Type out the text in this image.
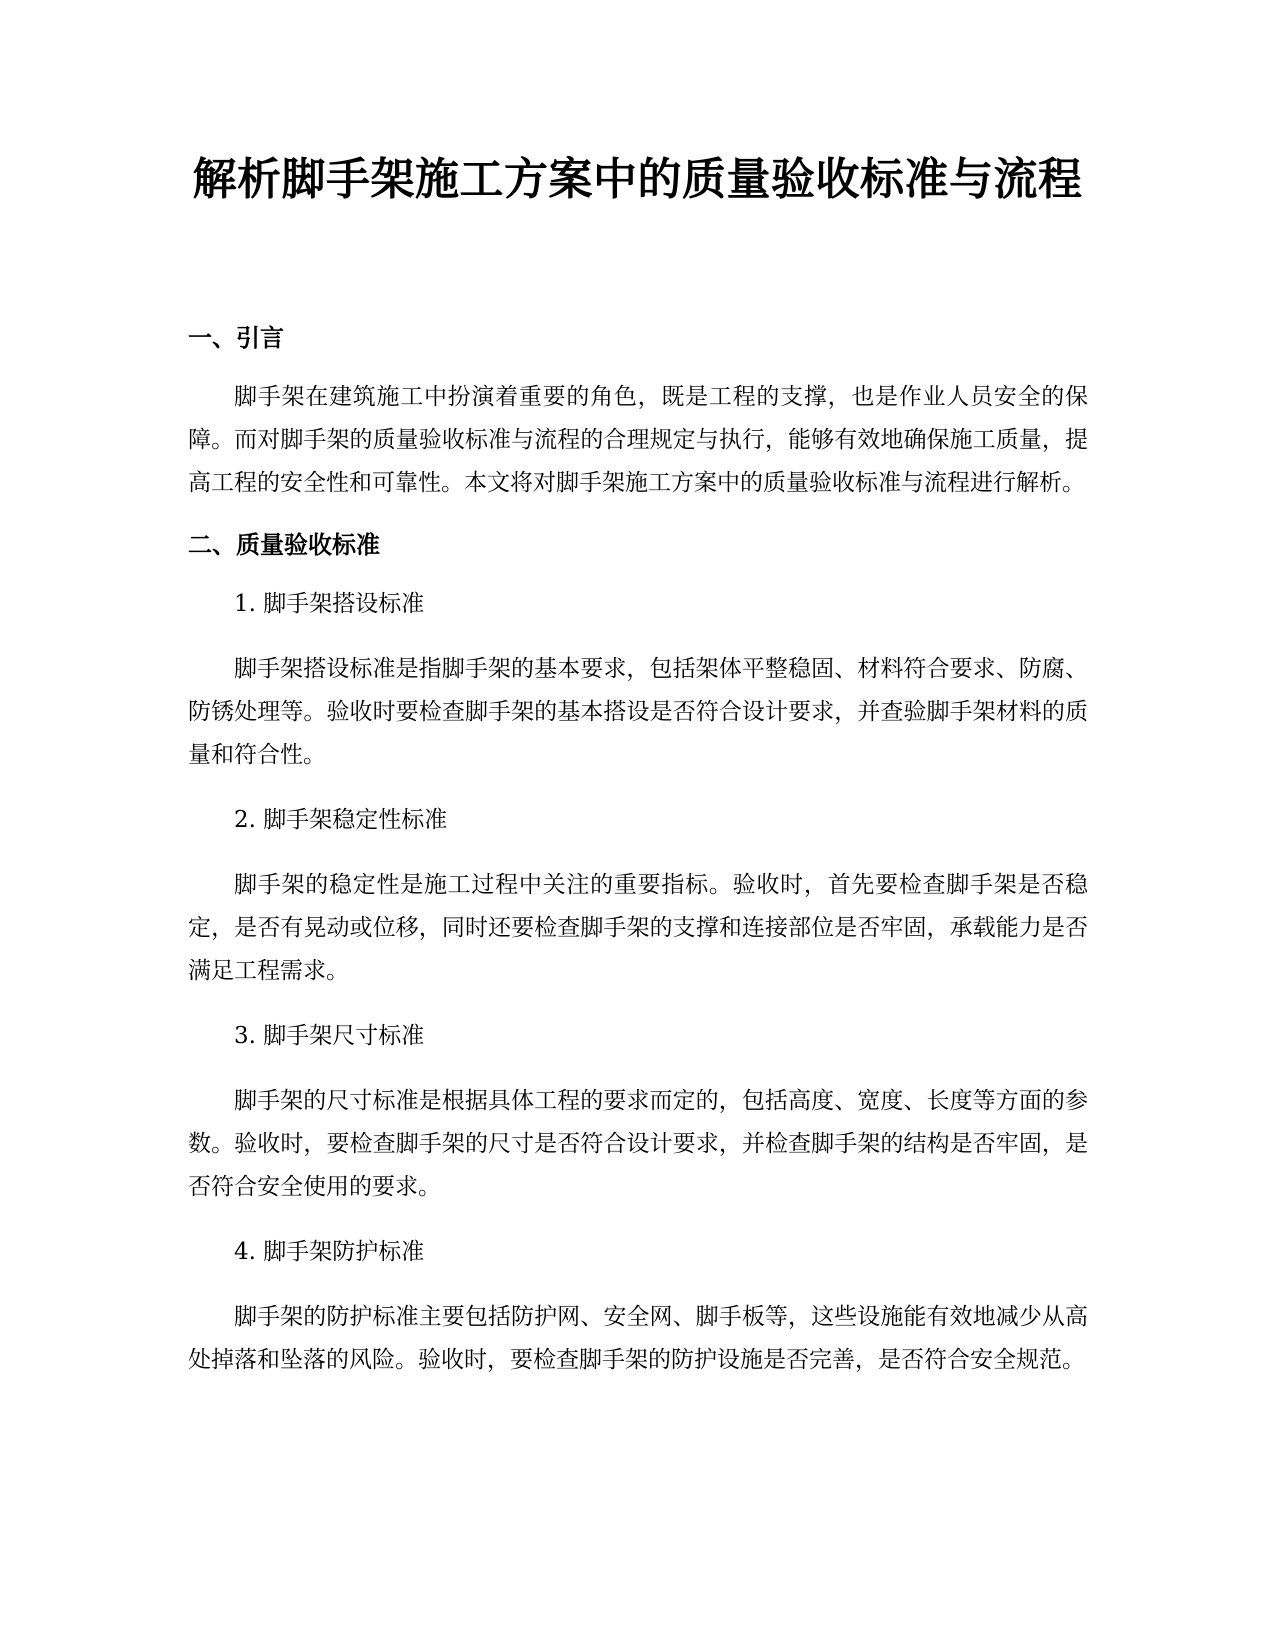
解析脚手架施工方案中的质量验收标准与流程
一、引言

脚手架在建筑施工中扮演着重要的角色，既是工程的支撑，也是作业人员安全的保障。而对脚手架的质量验收标准与流程的合理规定与执行，能够有效地确保施工质量，提高工程的安全性和可靠性。本文将对脚手架施工方案中的质量验收标准与流程进行解析。

二、质量验收标准

1. 脚手架搭设标准

脚手架搭设标准是指脚手架的基本要求，包括架体平整稳固、材料符合要求、防腐、防锈处理等。验收时要检查脚手架的基本搭设是否符合设计要求，并查验脚手架材料的质量和符合性。

2. 脚手架稳定性标准

脚手架的稳定性是施工过程中关注的重要指标。验收时，首先要检查脚手架是否稳定，是否有晃动或位移，同时还要检查脚手架的支撑和连接部位是否牢固，承载能力是否满足工程需求。

3. 脚手架尺寸标准

脚手架的尺寸标准是根据具体工程的要求而定的，包括高度、宽度、长度等方面的参数。验收时，要检查脚手架的尺寸是否符合设计要求，并检查脚手架的结构是否牢固，是否符合安全使用的要求。

4. 脚手架防护标准

脚手架的防护标准主要包括防护网、安全网、脚手板等，这些设施能有效地减少从高处掉落和坠落的风险。验收时，要检查脚手架的防护设施是否完善，是否符合安全规范。
